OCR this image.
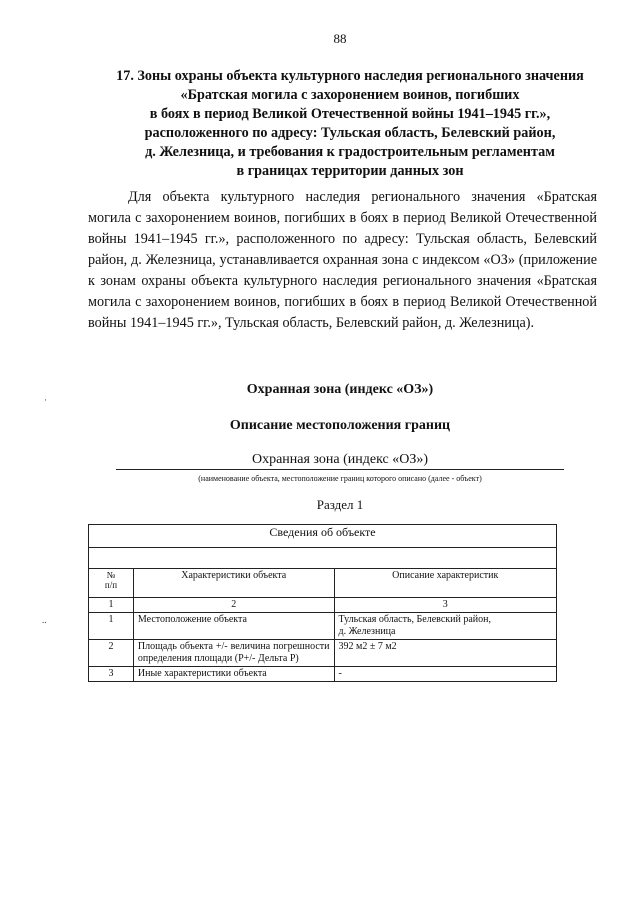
88
17. Зоны охраны объекта культурного наследия регионального значения
«Братская могила с захоронением воинов, погибших
в боях в период Великой Отечественной войны 1941–1945 гг.»,
расположенного по адресу: Тульская область, Белевский район,
д. Железница, и требования к градостроительным регламентам
в границах территории данных зон
Для объекта культурного наследия регионального значения «Братская могила с захоронением воинов, погибших в боях в период Великой Отечественной войны 1941–1945 гг.», расположенного по адресу: Тульская область, Белевский район, д. Железница, устанавливается охранная зона с индексом «ОЗ» (приложение к зонам охраны объекта культурного наследия регионального значения «Братская могила с захоронением воинов, погибших в боях в период Великой Отечественной войны 1941–1945 гг.», Тульская область, Белевский район, д. Железница).
·
..
Охранная зона (индекс «ОЗ»)
Описание местоположения границ
Охранная зона (индекс «ОЗ»)
(наименование объекта, местоположение границ которого описано (далее - объект)
Раздел 1
Сведения об объекте		

№
п/п	Характеристики объекта	Описание характеристик
1	2	3
1	Местоположение объекта	Тульская область, Белевский район,
д. Железница
2	Площадь объекта +/- величина погрешности определения площади (Р+/- Дельта Р)	392 м2 ± 7 м2
3	Иные характеристики объекта	-
